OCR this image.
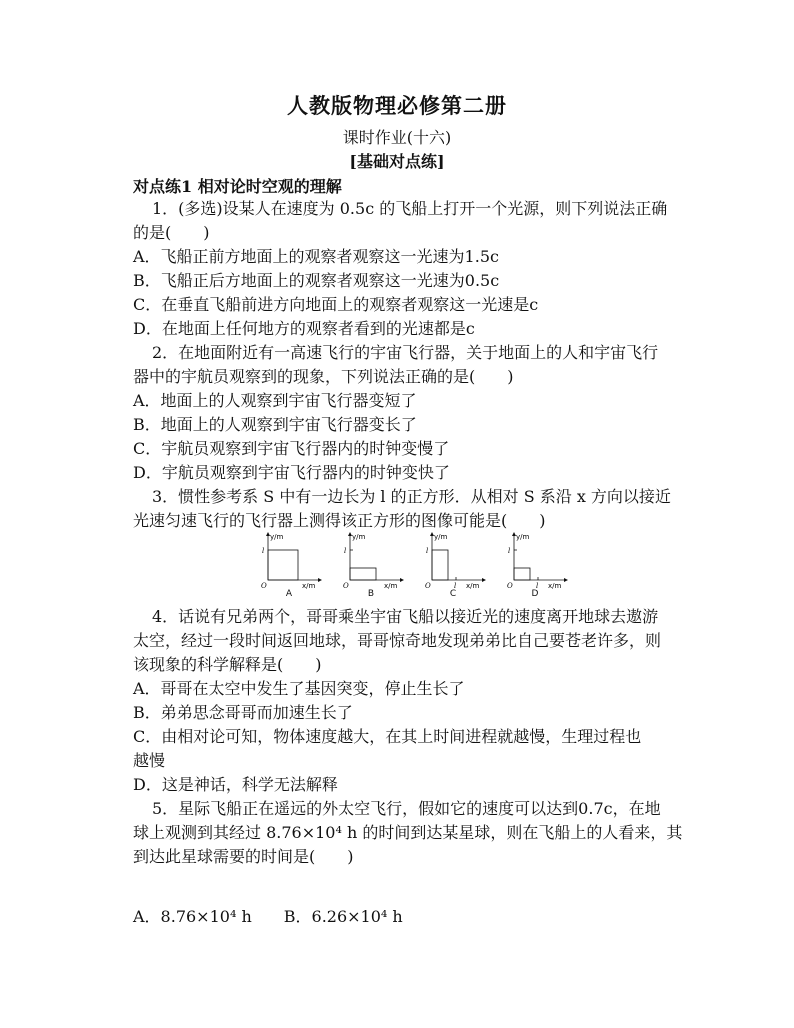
人教版物理必修第二册
课时作业(十六)
[基础对点练]
对点练1 相对论时空观的理解
1．(多选)设某人在速度为 0.5c 的飞船上打开一个光源，则下列说法正确
的是(　　)
A．飞船正前方地面上的观察者观察这一光速为1.5c
B．飞船正后方地面上的观察者观察这一光速为0.5c
C．在垂直飞船前进方向地面上的观察者观察这一光速是c
D．在地面上任何地方的观察者看到的光速都是c
2．在地面附近有一高速飞行的宇宙飞行器，关于地面上的人和宇宙飞行
器中的宇航员观察到的现象，下列说法正确的是(　　)
A．地面上的人观察到宇宙飞行器变短了
B．地面上的人观察到宇宙飞行器变长了
C．宇航员观察到宇宙飞行器内的时钟变慢了
D．宇航员观察到宇宙飞行器内的时钟变快了
3．惯性参考系 S 中有一边长为 l 的正方形．从相对 S 系沿 x 方向以接近
光速匀速飞行的飞行器上测得该正方形的图像可能是(　　)
y/m
l
O	x/m
A
y/m
l
O	x/m
B
y/m
l
O	l x/m
C
y/m
l
O	l x/m
D
4．话说有兄弟两个，哥哥乘坐宇宙飞船以接近光的速度离开地球去遨游
太空，经过一段时间返回地球，哥哥惊奇地发现弟弟比自己要苍老许多，则
该现象的科学解释是(　　)
A．哥哥在太空中发生了基因突变，停止生长了
B．弟弟思念哥哥而加速生长了
C．由相对论可知，物体速度越大，在其上时间进程就越慢，生理过程也
越慢
D．这是神话，科学无法解释
5．星际飞船正在遥远的外太空飞行，假如它的速度可以达到0.7c，在地
球上观测到其经过 8.76×10⁴ h 的时间到达某星球，则在飞船上的人看来，其
到达此星球需要的时间是(　　)
A．8.76×10⁴ h　　B．6.26×10⁴ h
